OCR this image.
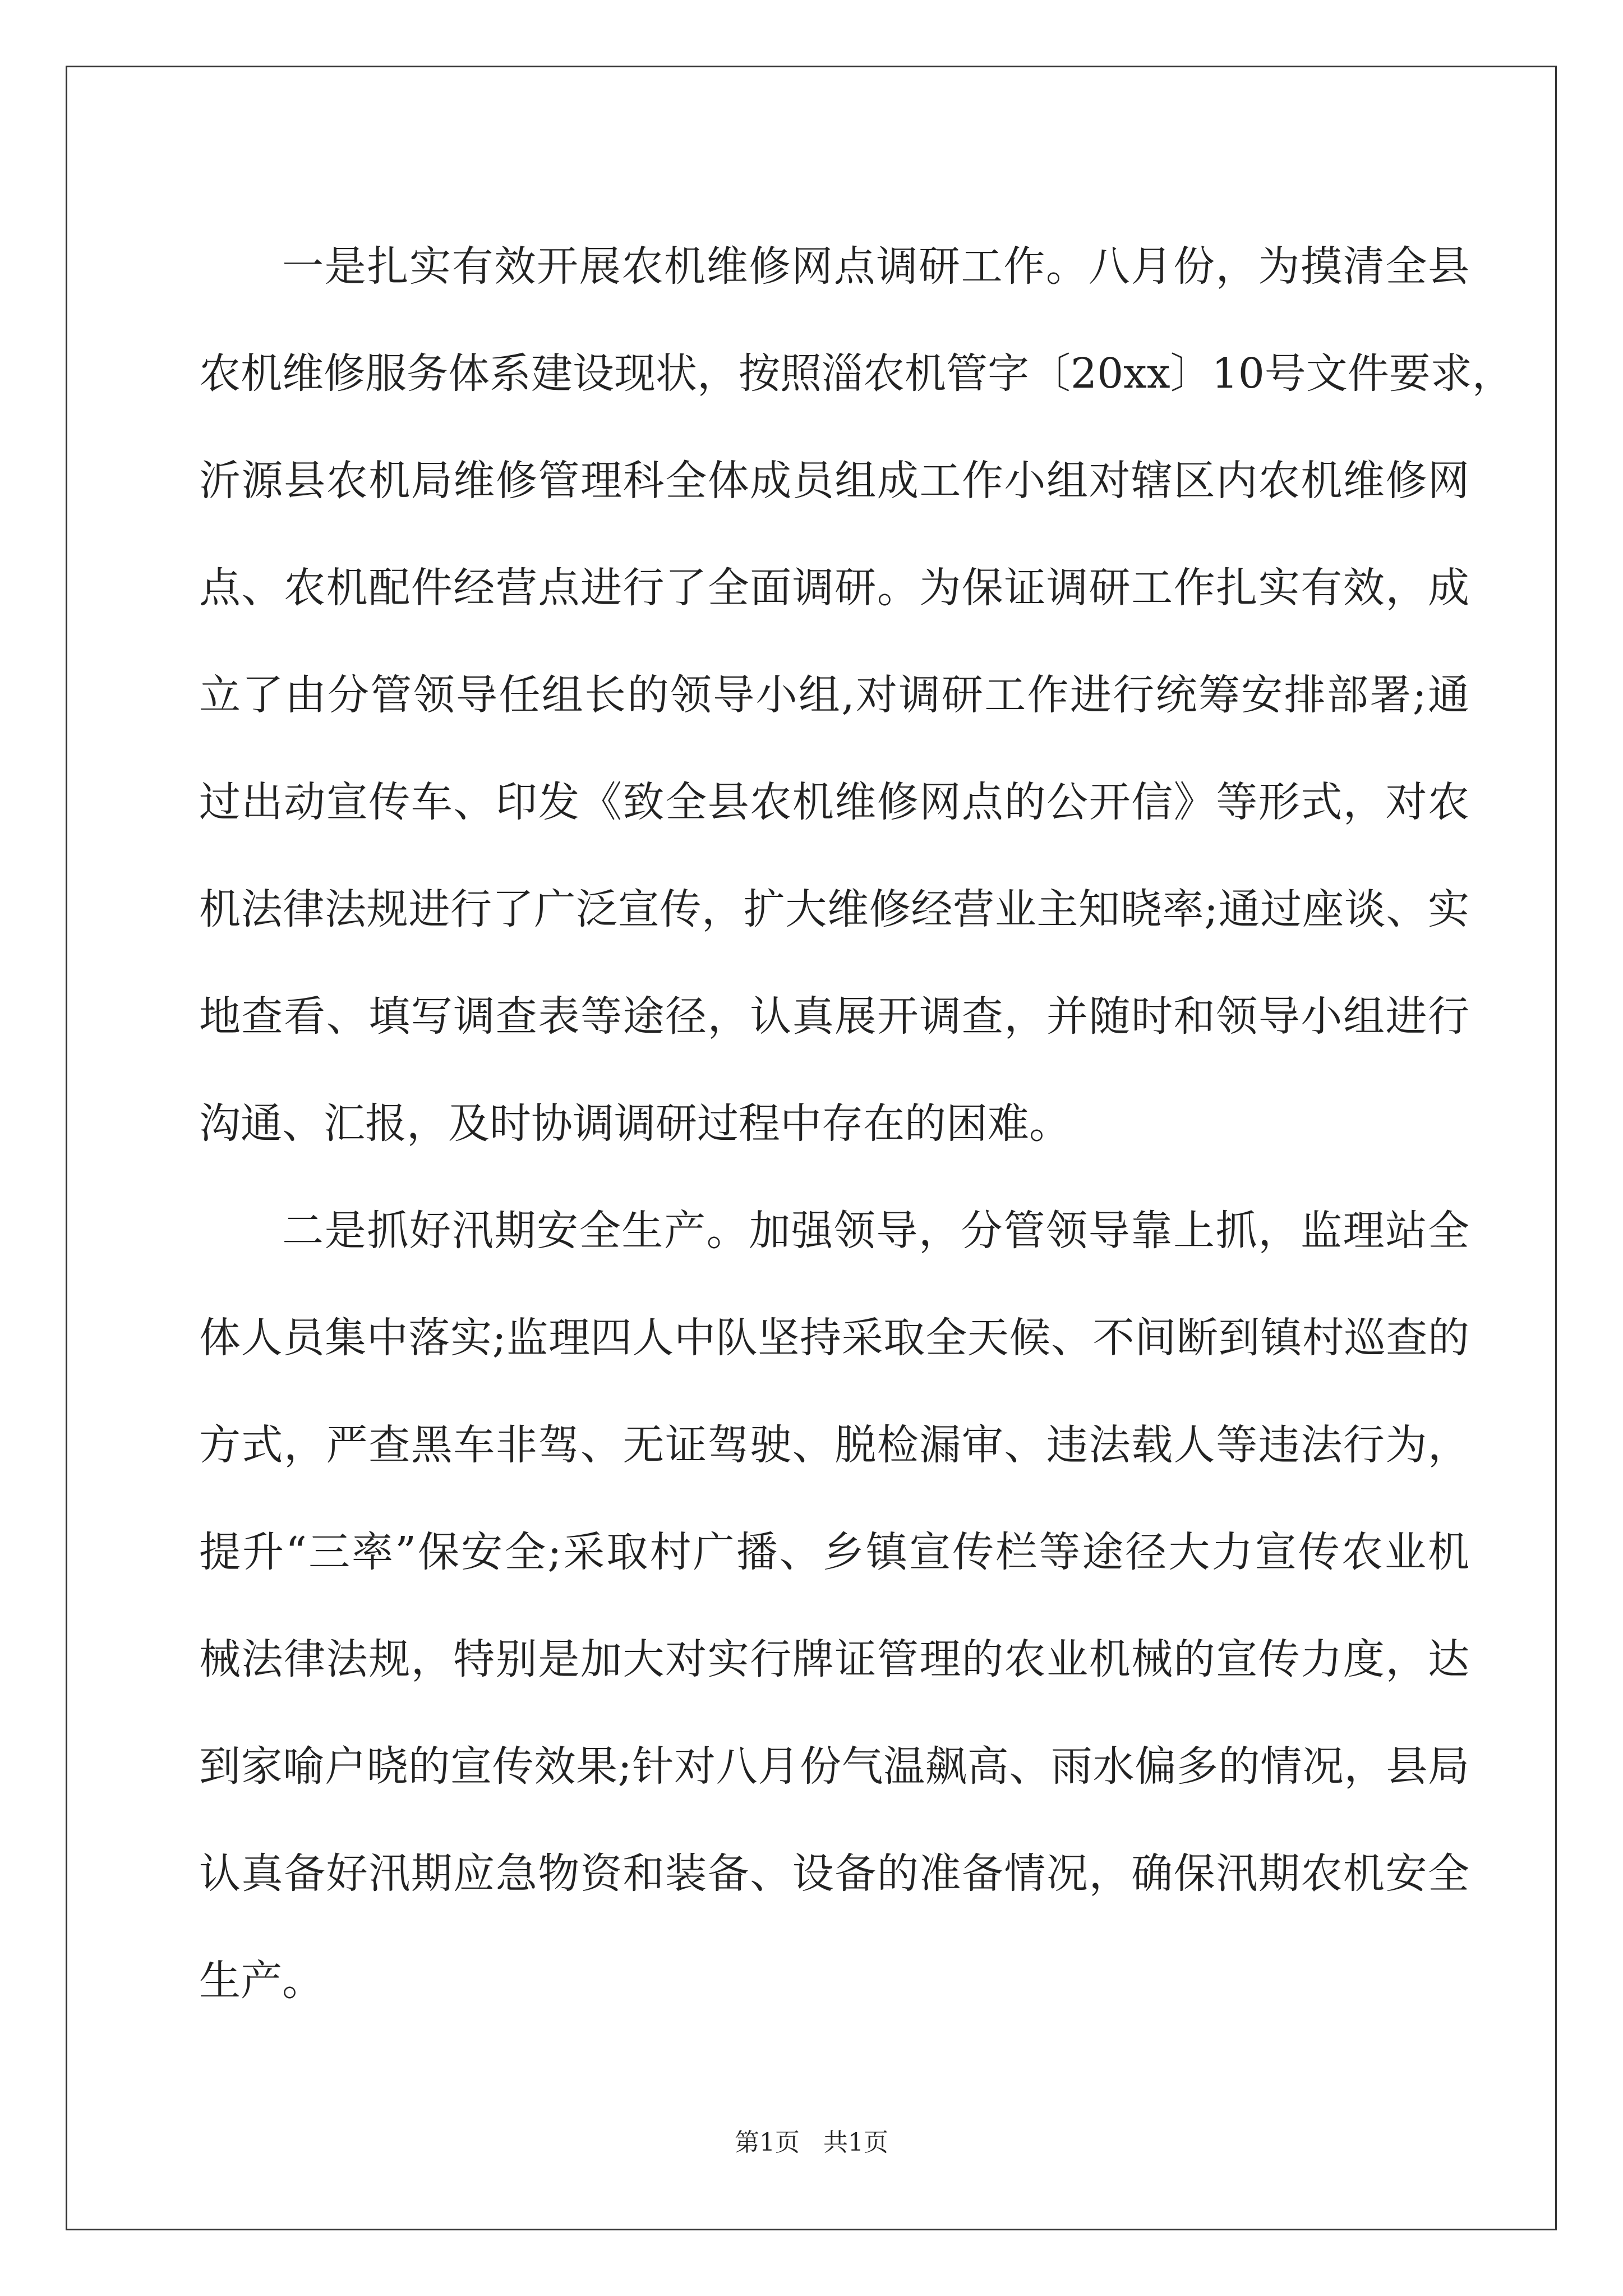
一是扎实有效开展农机维修网点调研工作。八月份，为摸清全县
农机维修服务体系建设现状，按照淄农机管字〔20xx〕10号文件要求，
沂源县农机局维修管理科全体成员组成工作小组对辖区内农机维修网
点、农机配件经营点进行了全面调研。为保证调研工作扎实有效，成
立了由分管领导任组长的领导小组,对调研工作进行统筹安排部署;通
过出动宣传车、印发《致全县农机维修网点的公开信》等形式，对农
机法律法规进行了广泛宣传，扩大维修经营业主知晓率;通过座谈、实
地查看、填写调查表等途径，认真展开调查，并随时和领导小组进行
沟通、汇报，及时协调调研过程中存在的困难。
二是抓好汛期安全生产。加强领导，分管领导靠上抓，监理站全
体人员集中落实;监理四人中队坚持采取全天候、不间断到镇村巡查的
方式，严查黑车非驾、无证驾驶、脱检漏审、违法载人等违法行为，
提升“三率”保安全;采取村广播、乡镇宣传栏等途径大力宣传农业机
械法律法规，特别是加大对实行牌证管理的农业机械的宣传力度，达
到家喻户晓的宣传效果;针对八月份气温飙高、雨水偏多的情况，县局
认真备好汛期应急物资和装备、设备的准备情况，确保汛期农机安全
生产。
第1页 共1页
